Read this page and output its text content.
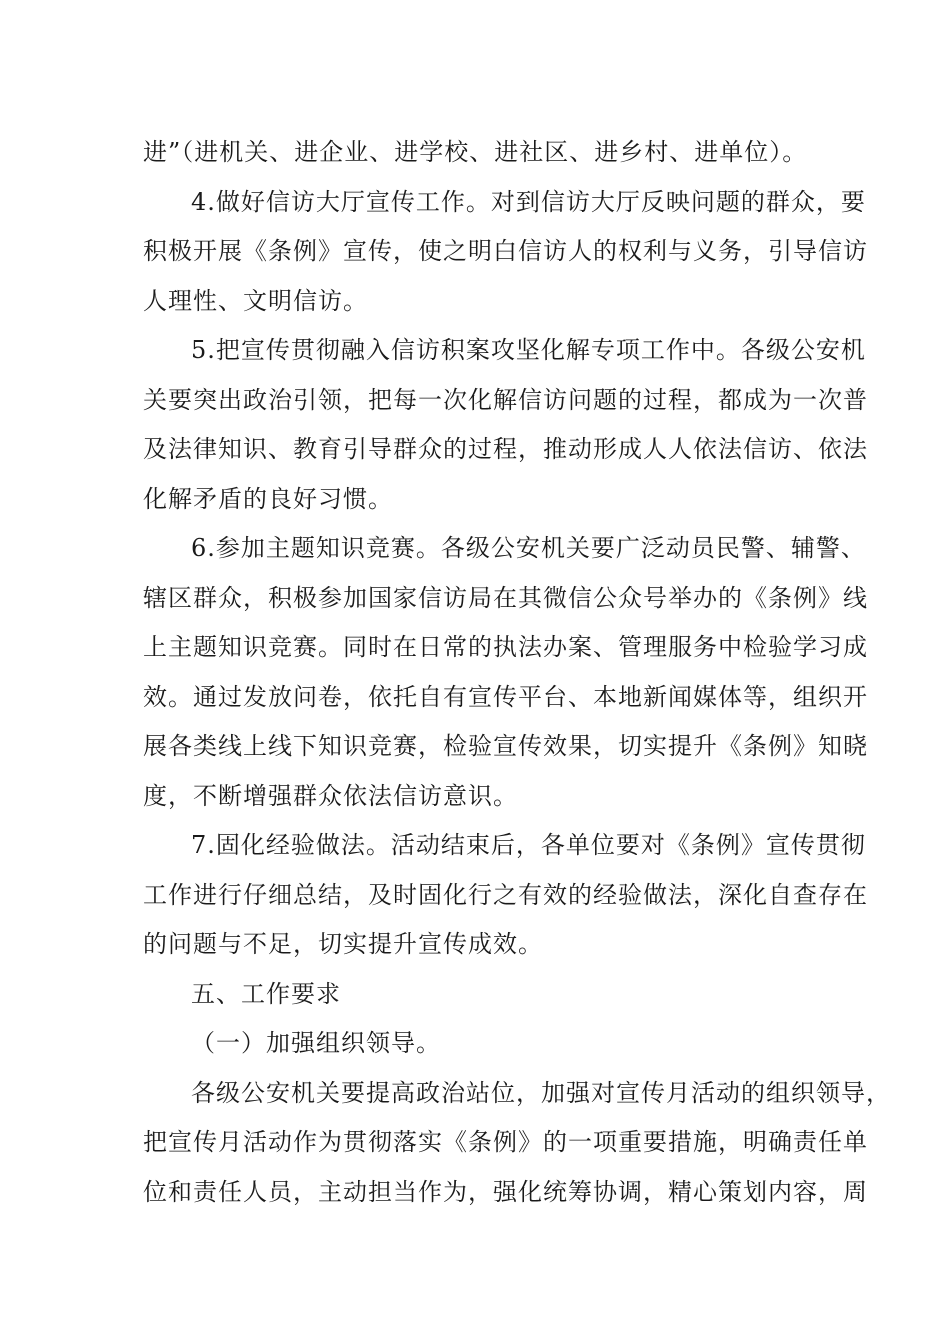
进”（进机关、进企业、进学校、进社区、进乡村、进单位）。
4.做好信访大厅宣传工作。对到信访大厅反映问题的群众，要
积极开展《条例》宣传，使之明白信访人的权利与义务，引导信访
人理性、文明信访。
5.把宣传贯彻融入信访积案攻坚化解专项工作中。各级公安机
关要突出政治引领，把每一次化解信访问题的过程，都成为一次普
及法律知识、教育引导群众的过程，推动形成人人依法信访、依法
化解矛盾的良好习惯。
6.参加主题知识竞赛。各级公安机关要广泛动员民警、辅警、
辖区群众，积极参加国家信访局在其微信公众号举办的《条例》线
上主题知识竞赛。同时在日常的执法办案、管理服务中检验学习成
效。通过发放问卷，依托自有宣传平台、本地新闻媒体等，组织开
展各类线上线下知识竞赛，检验宣传效果，切实提升《条例》知晓
度，不断增强群众依法信访意识。
7.固化经验做法。活动结束后，各单位要对《条例》宣传贯彻
工作进行仔细总结，及时固化行之有效的经验做法，深化自查存在
的问题与不足，切实提升宣传成效。
五、工作要求
（一）加强组织领导。
各级公安机关要提高政治站位，加强对宣传月活动的组织领导，
把宣传月活动作为贯彻落实《条例》的一项重要措施，明确责任单
位和责任人员，主动担当作为，强化统筹协调，精心策划内容，周
